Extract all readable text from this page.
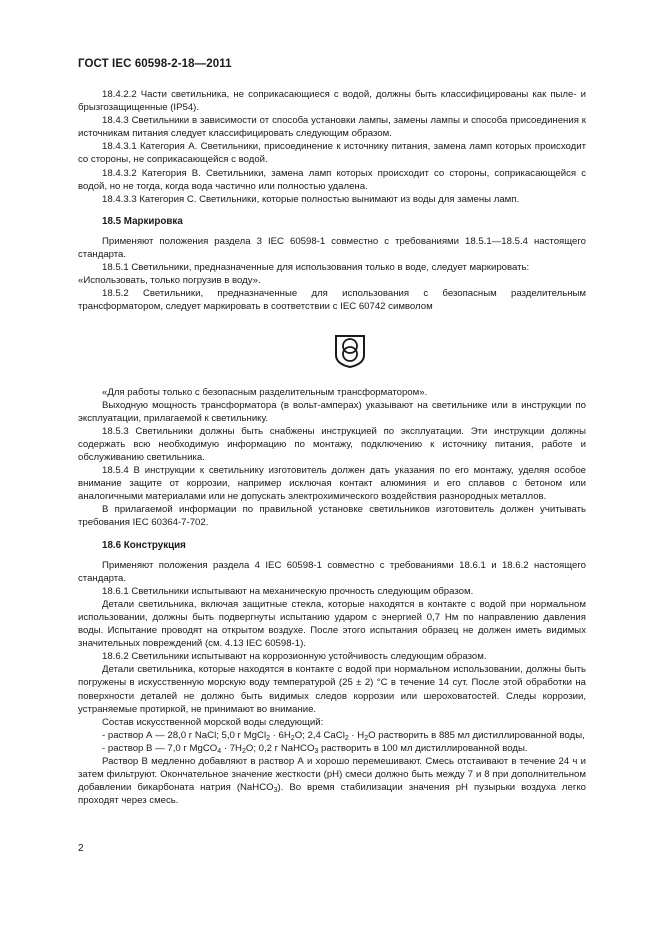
ГОСТ IEC 60598-2-18—2011

18.4.2.2 Части светильника, не соприкасающиеся с водой, должны быть классифицированы как пыле- и брызгозащищенные (IP54).

18.4.3 Светильники в зависимости от способа установки лампы, замены лампы и способа присоединения к источникам питания следует классифицировать следующим образом.

18.4.3.1 Категория А. Светильники, присоединение к источнику питания, замена ламп которых происходит со стороны, не соприкасающейся с водой.

18.4.3.2 Категория В. Светильники, замена ламп которых происходит со стороны, соприкасающейся с водой, но не тогда, когда вода частично или полностью удалена.

18.4.3.3 Категория С. Светильники, которые полностью вынимают из воды для замены ламп.

18.5 Маркировка

Применяют положения раздела 3 IEC 60598-1 совместно с требованиями 18.5.1—18.5.4 настоящего стандарта.

18.5.1 Светильники, предназначенные для использования только в воде, следует маркировать:

«Использовать, только погрузив в воду».

18.5.2 Светильники, предназначенные для использования с безопасным разделительным трансформатором, следует маркировать в соответствии с IEC 60742 символом

«Для работы только с безопасным разделительным трансформатором».

Выходную мощность трансформатора (в вольт-амперах) указывают на светильнике или в инструкции по эксплуатации, прилагаемой к светильнику.

18.5.3 Светильники должны быть снабжены инструкцией по эксплуатации. Эти инструкции должны содержать всю необходимую информацию по монтажу, подключению к источнику питания, работе и обслуживанию светильника.

18.5.4 В инструкции к светильнику изготовитель должен дать указания по его монтажу, уделяя особое внимание защите от коррозии, например исключая контакт алюминия и его сплавов с бетоном или аналогичными материалами или не допускать электрохимического воздействия разнородных металлов.

В прилагаемой информации по правильной установке светильников изготовитель должен учитывать требования IEC 60364-7-702.

18.6 Конструкция

Применяют положения раздела 4 IEC 60598-1 совместно с требованиями 18.6.1 и 18.6.2 настоящего стандарта.

18.6.1 Светильники испытывают на механическую прочность следующим образом.

Детали светильника, включая защитные стекла, которые находятся в контакте с водой при нормальном использовании, должны быть подвергнуты испытанию ударом с энергией 0,7 Нм по направлению давления воды. Испытание проводят на открытом воздухе. После этого испытания образец не должен иметь видимых значительных повреждений (см. 4.13 IEC 60598-1).

18.6.2 Светильники испытывают на коррозионную устойчивость следующим образом.

Детали светильника, которые находятся в контакте с водой при нормальном использовании, должны быть погружены в искусственную морскую воду температурой (25 ± 2) °С в течение 14 сут. После этой обработки на поверхности деталей не должно быть видимых следов коррозии или шероховатостей. Следы коррозии, устраняемые протиркой, не принимают во внимание.

Состав искусственной морской воды следующий:

- раствор А — 28,0 г NaCl; 5,0 г MgCl$_2$ · $6H_2O$; 2,4 CaCl$_2$ · $H_2O$ растворить в 885 мл дистиллированной воды,

- раствор В — 7,0 г MgCO$_4$ · $7H_2O$; 0,2 г NaHCO$_3$ растворить в 100 мл дистиллированной воды.

Раствор В медленно добавляют в раствор А и хорошо перемешивают. Смесь отстаивают в течение 24 ч и затем фильтруют. Окончательное значение жесткости (pH) смеси должно быть между 7 и 8 при дополнительном добавлении бикарбоната натрия (NaHCO$_3$). Во время стабилизации значения pH пузырьки воздуха легко проходят через смесь.

2
